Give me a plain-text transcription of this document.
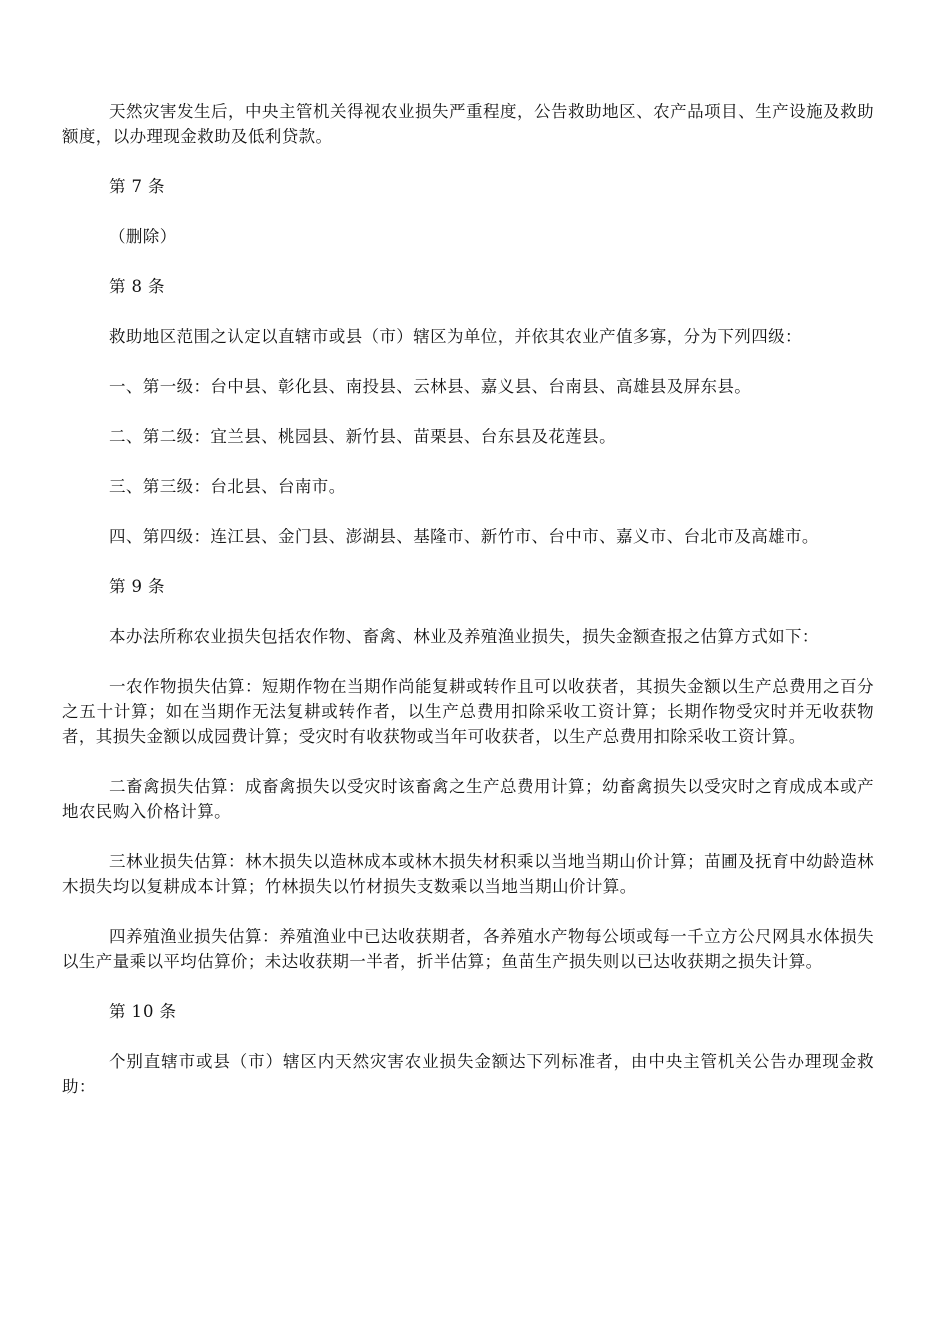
天然灾害发生后，中央主管机关得视农业损失严重程度，公告救助地区、农产品项目、生产设施及救助额度，以办理现金救助及低利贷款。

第 7 条

（删除）

第 8 条

救助地区范围之认定以直辖市或县（市）辖区为单位，并依其农业产值多寡，分为下列四级：

一、第一级：台中县、彰化县、南投县、云林县、嘉义县、台南县、高雄县及屏东县。

二、第二级：宜兰县、桃园县、新竹县、苗栗县、台东县及花莲县。

三、第三级：台北县、台南市。

四、第四级：连江县、金门县、澎湖县、基隆市、新竹市、台中市、嘉义市、台北市及高雄市。

第 9 条

本办法所称农业损失包括农作物、畜禽、林业及养殖渔业损失，损失金额查报之估算方式如下：

一农作物损失估算：短期作物在当期作尚能复耕或转作且可以收获者，其损失金额以生产总费用之百分之五十计算；如在当期作无法复耕或转作者，以生产总费用扣除采收工资计算；长期作物受灾时并无收获物者，其损失金额以成园费计算；受灾时有收获物或当年可收获者，以生产总费用扣除采收工资计算。

二畜禽损失估算：成畜禽损失以受灾时该畜禽之生产总费用计算；幼畜禽损失以受灾时之育成成本或产地农民购入价格计算。

三林业损失估算：林木损失以造林成本或林木损失材积乘以当地当期山价计算；苗圃及抚育中幼龄造林木损失均以复耕成本计算；竹林损失以竹材损失支数乘以当地当期山价计算。

四养殖渔业损失估算：养殖渔业中已达收获期者，各养殖水产物每公顷或每一千立方公尺网具水体损失以生产量乘以平均估算价；未达收获期一半者，折半估算；鱼苗生产损失则以已达收获期之损失计算。

第 10 条

个别直辖市或县（市）辖区内天然灾害农业损失金额达下列标准者，由中央主管机关公告办理现金救助：
